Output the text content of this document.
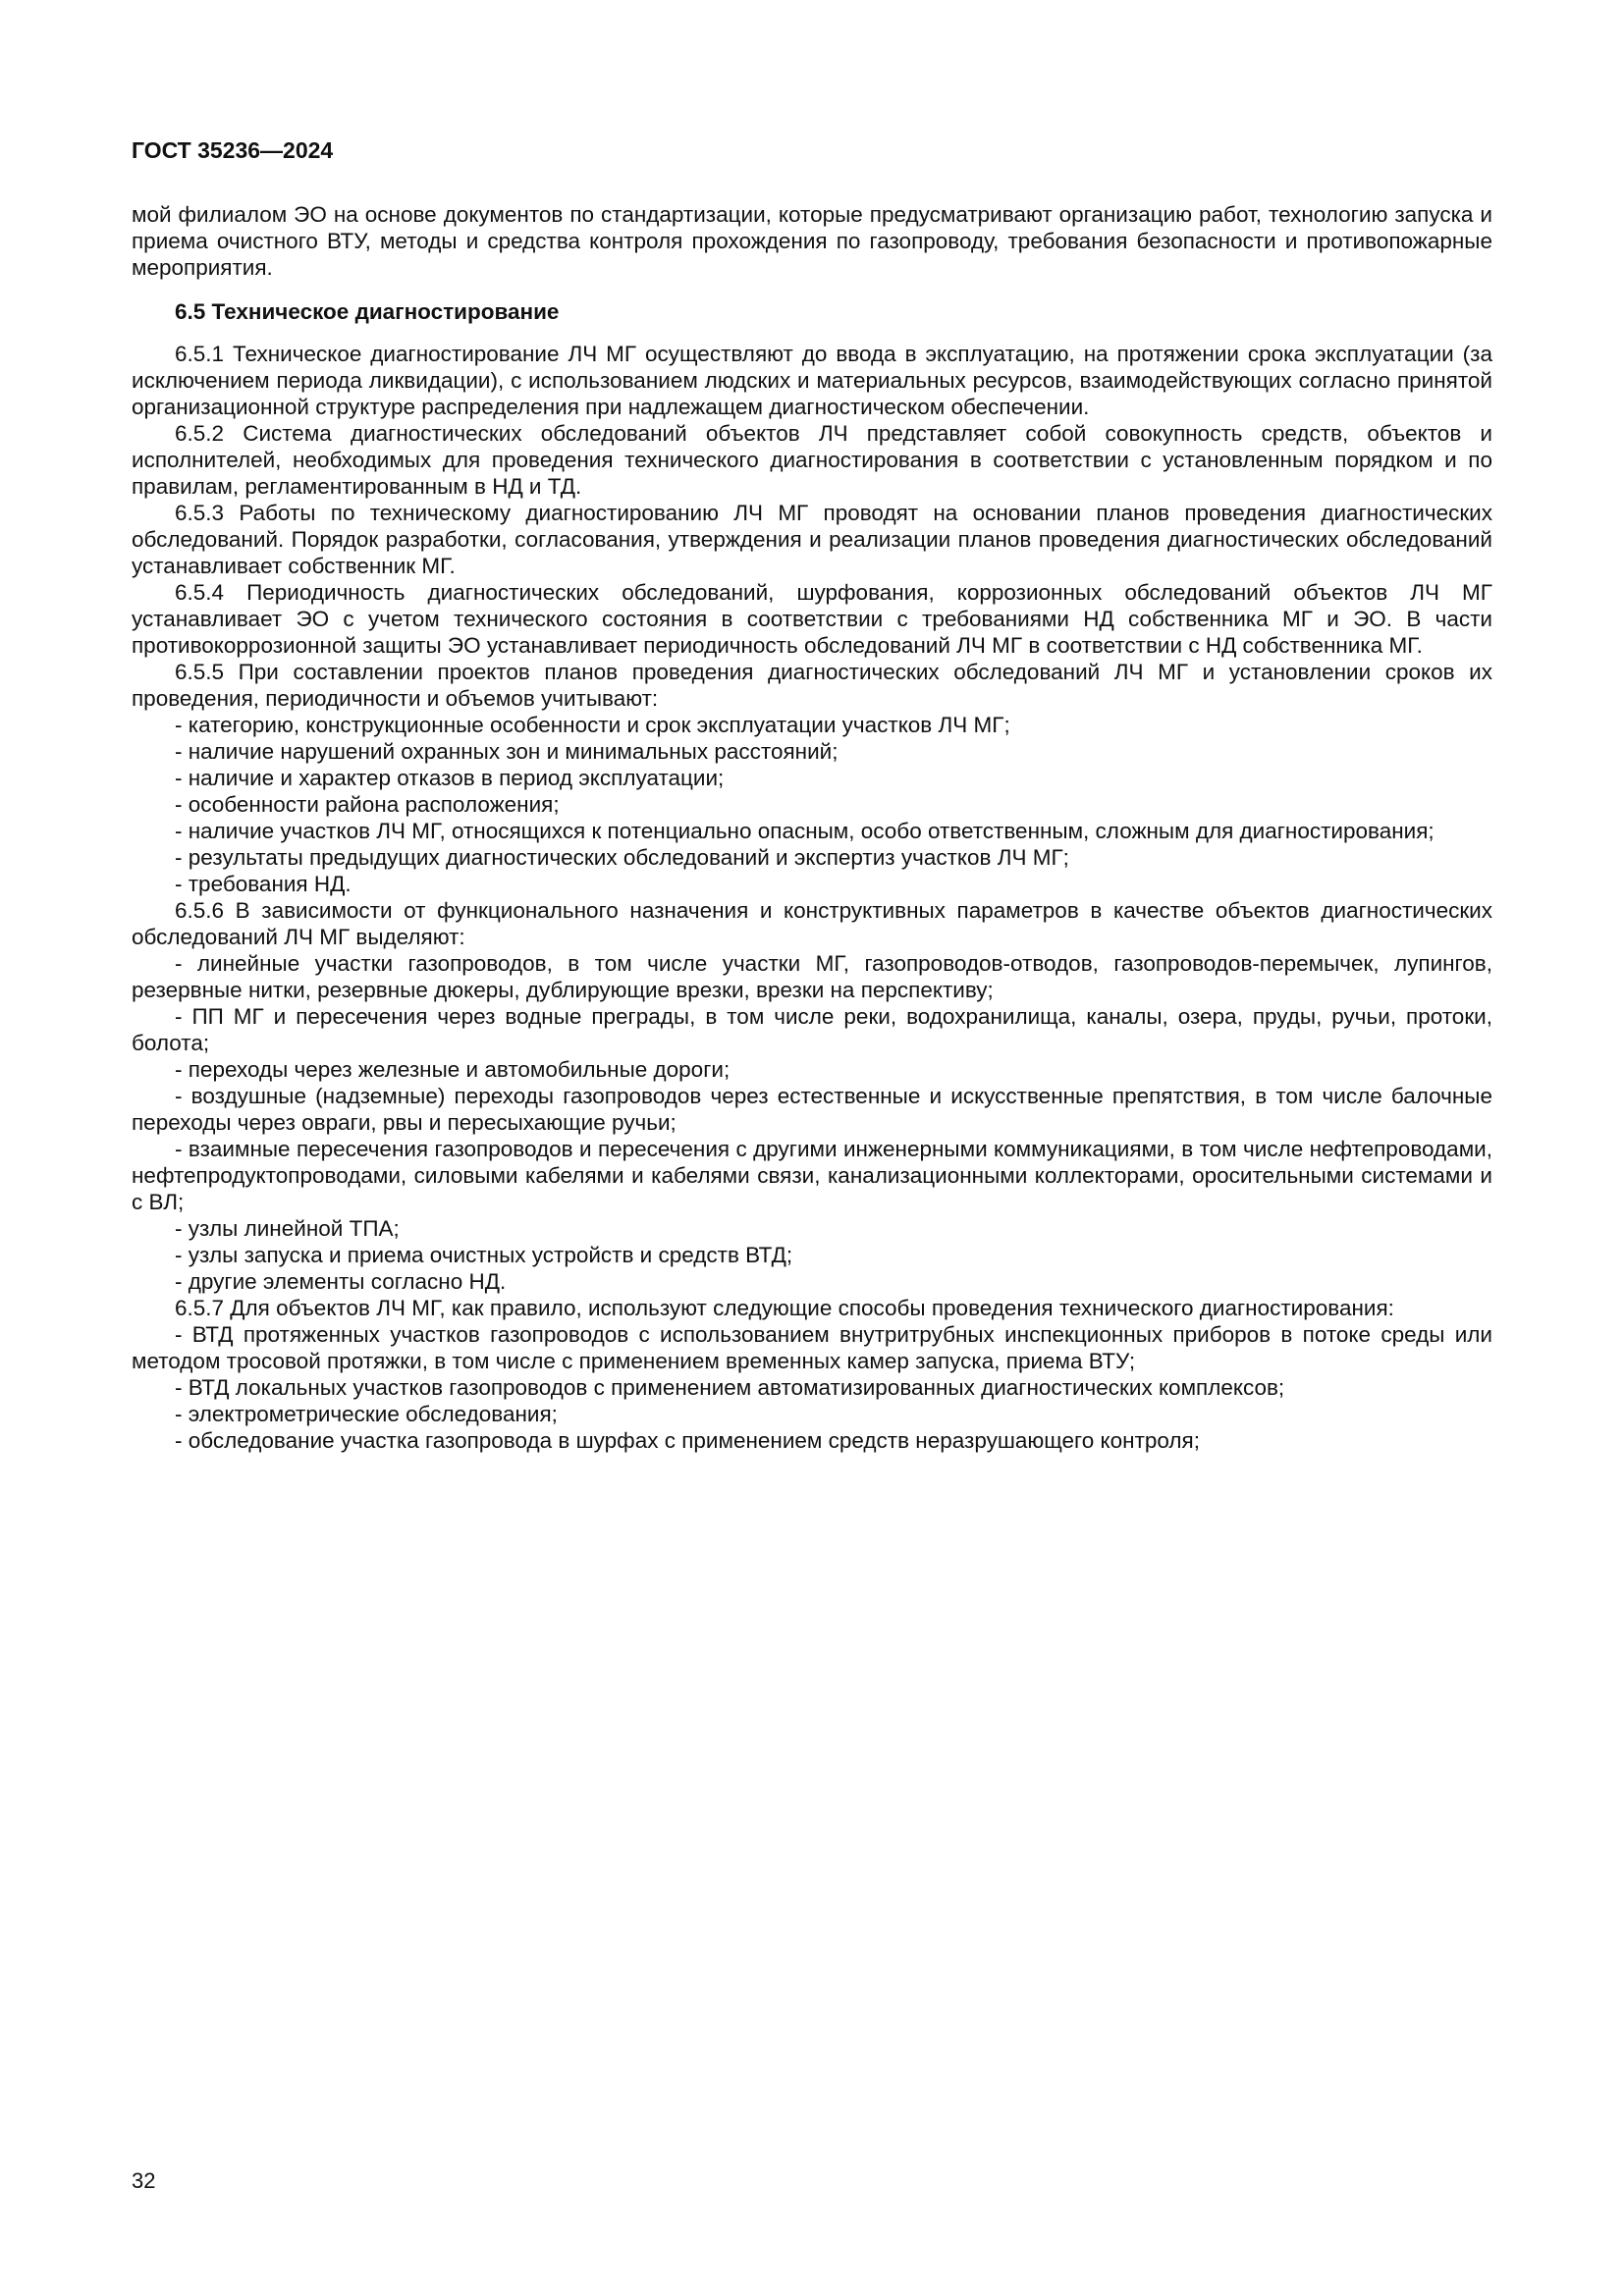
ГОСТ 35236—2024

мой филиалом ЭО на основе документов по стандартизации, которые предусматривают организацию работ, технологию запуска и приема очистного ВТУ, методы и средства контроля прохождения по газопроводу, требования безопасности и противопожарные мероприятия.

6.5 Техническое диагностирование

6.5.1 Техническое диагностирование ЛЧ МГ осуществляют до ввода в эксплуатацию, на протяжении срока эксплуатации (за исключением периода ликвидации), с использованием людских и материальных ресурсов, взаимодействующих согласно принятой организационной структуре распределения при надлежащем диагностическом обеспечении.

6.5.2 Система диагностических обследований объектов ЛЧ представляет собой совокупность средств, объектов и исполнителей, необходимых для проведения технического диагностирования в соответствии с установленным порядком и по правилам, регламентированным в НД и ТД.

6.5.3 Работы по техническому диагностированию ЛЧ МГ проводят на основании планов проведения диагностических обследований. Порядок разработки, согласования, утверждения и реализации планов проведения диагностических обследований устанавливает собственник МГ.

6.5.4 Периодичность диагностических обследований, шурфования, коррозионных обследований объектов ЛЧ МГ устанавливает ЭО с учетом технического состояния в соответствии с требованиями НД собственника МГ и ЭО. В части противокоррозионной защиты ЭО устанавливает периодичность обследований ЛЧ МГ в соответствии с НД собственника МГ.

6.5.5 При составлении проектов планов проведения диагностических обследований ЛЧ МГ и установлении сроков их проведения, периодичности и объемов учитывают:

- категорию, конструкционные особенности и срок эксплуатации участков ЛЧ МГ;

- наличие нарушений охранных зон и минимальных расстояний;

- наличие и характер отказов в период эксплуатации;

- особенности района расположения;

- наличие участков ЛЧ МГ, относящихся к потенциально опасным, особо ответственным, сложным для диагностирования;

- результаты предыдущих диагностических обследований и экспертиз участков ЛЧ МГ;

- требования НД.

6.5.6 В зависимости от функционального назначения и конструктивных параметров в качестве объектов диагностических обследований ЛЧ МГ выделяют:

- линейные участки газопроводов, в том числе участки МГ, газопроводов-отводов, газопроводов-перемычек, лупингов, резервные нитки, резервные дюкеры, дублирующие врезки, врезки на перспективу;

- ПП МГ и пересечения через водные преграды, в том числе реки, водохранилища, каналы, озера, пруды, ручьи, протоки, болота;

- переходы через железные и автомобильные дороги;

- воздушные (надземные) переходы газопроводов через естественные и искусственные препятствия, в том числе балочные переходы через овраги, рвы и пересыхающие ручьи;

- взаимные пересечения газопроводов и пересечения с другими инженерными коммуникациями, в том числе нефтепроводами, нефтепродуктопроводами, силовыми кабелями и кабелями связи, канализационными коллекторами, оросительными системами и с ВЛ;

- узлы линейной ТПА;

- узлы запуска и приема очистных устройств и средств ВТД;

- другие элементы согласно НД.

6.5.7 Для объектов ЛЧ МГ, как правило, используют следующие способы проведения технического диагностирования:

- ВТД протяженных участков газопроводов с использованием внутритрубных инспекционных приборов в потоке среды или методом тросовой протяжки, в том числе с применением временных камер запуска, приема ВТУ;

- ВТД локальных участков газопроводов с применением автоматизированных диагностических комплексов;

- электрометрические обследования;

- обследование участка газопровода в шурфах с применением средств неразрушающего контроля;

32
